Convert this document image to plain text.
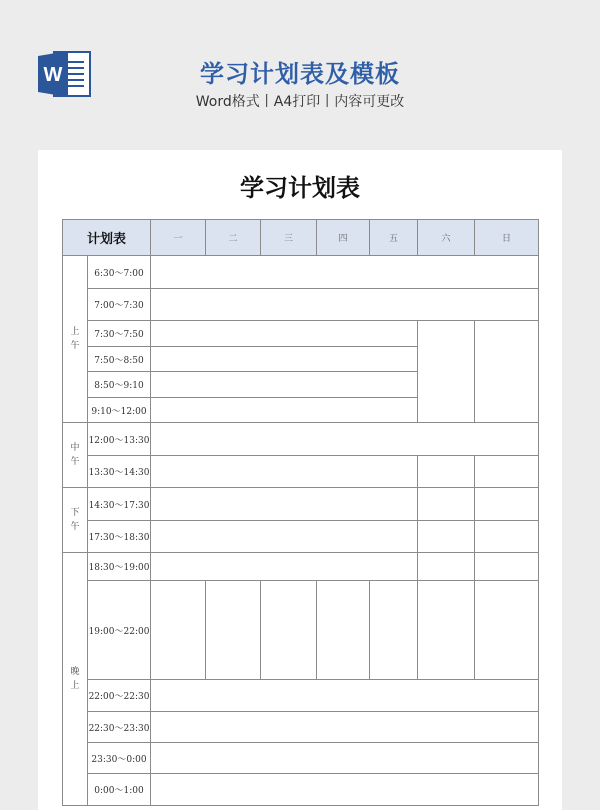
W	学习计划表及模板
Word格式丨A4打印丨内容可更改
学习计划表
计划表		一	二	三	四	五	六	日
上
午	6:30～7:00							
	7:00～7:30							
	7:30～7:50							
	7:50～8:50							
	8:50～9:10							
	9:10～12:00							
中
午	12:00～13:30							
	13:30～14:30							
下
午	14:30～17:30							
	17:30～18:30							
晚
上	18:30～19:00							
	19:00～22:00							
	22:00～22:30							
	22:30～23:30							
	23:30～0:00							
	0:00～1:00							
